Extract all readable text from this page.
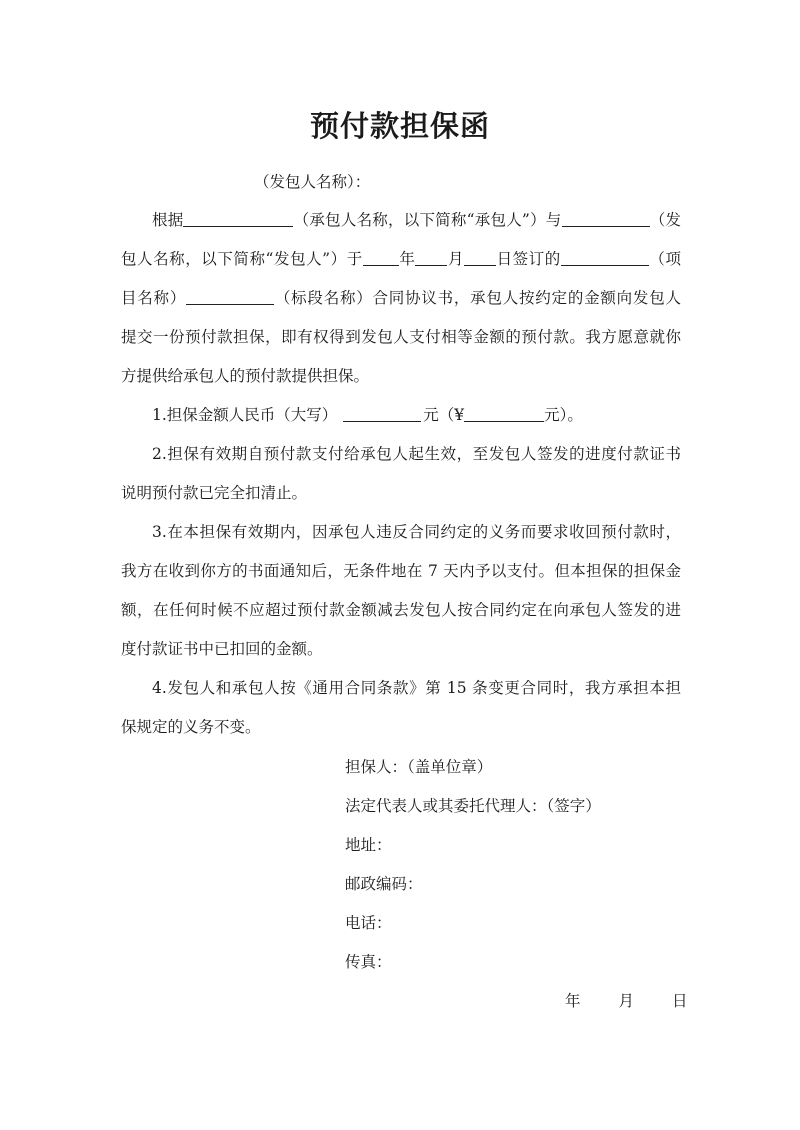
预付款担保函
（发包人名称）：
根据	（承包人名称，以下简称“承包人”）与	（发
包人名称，以下简称“发包人”）于 年 月 日签订的	（项
目名称）	（标段名称）合同协议书，承包人按约定的金额向发包人
提交一份预付款担保，即有权得到发包人支付相等金额的预付款。我方愿意就你
方提供给承包人的预付款提供担保。
1.担保金额人民币（大写）	元（¥	元）。
2.担保有效期自预付款支付给承包人起生效，至发包人签发的进度付款证书
说明预付款已完全扣清止。
3.在本担保有效期内，因承包人违反合同约定的义务而要求收回预付款时，
我方在收到你方的书面通知后，无条件地在 7 天内予以支付。但本担保的担保金
额，在任何时候不应超过预付款金额减去发包人按合同约定在向承包人签发的进
度付款证书中已扣回的金额。
4.发包人和承包人按《通用合同条款》第 15 条变更合同时，我方承担本担
保规定的义务不变。
担保人：（盖单位章）
法定代表人或其委托代理人：（签字）
地址：
邮政编码：
电话：
传真：
年 月 日
